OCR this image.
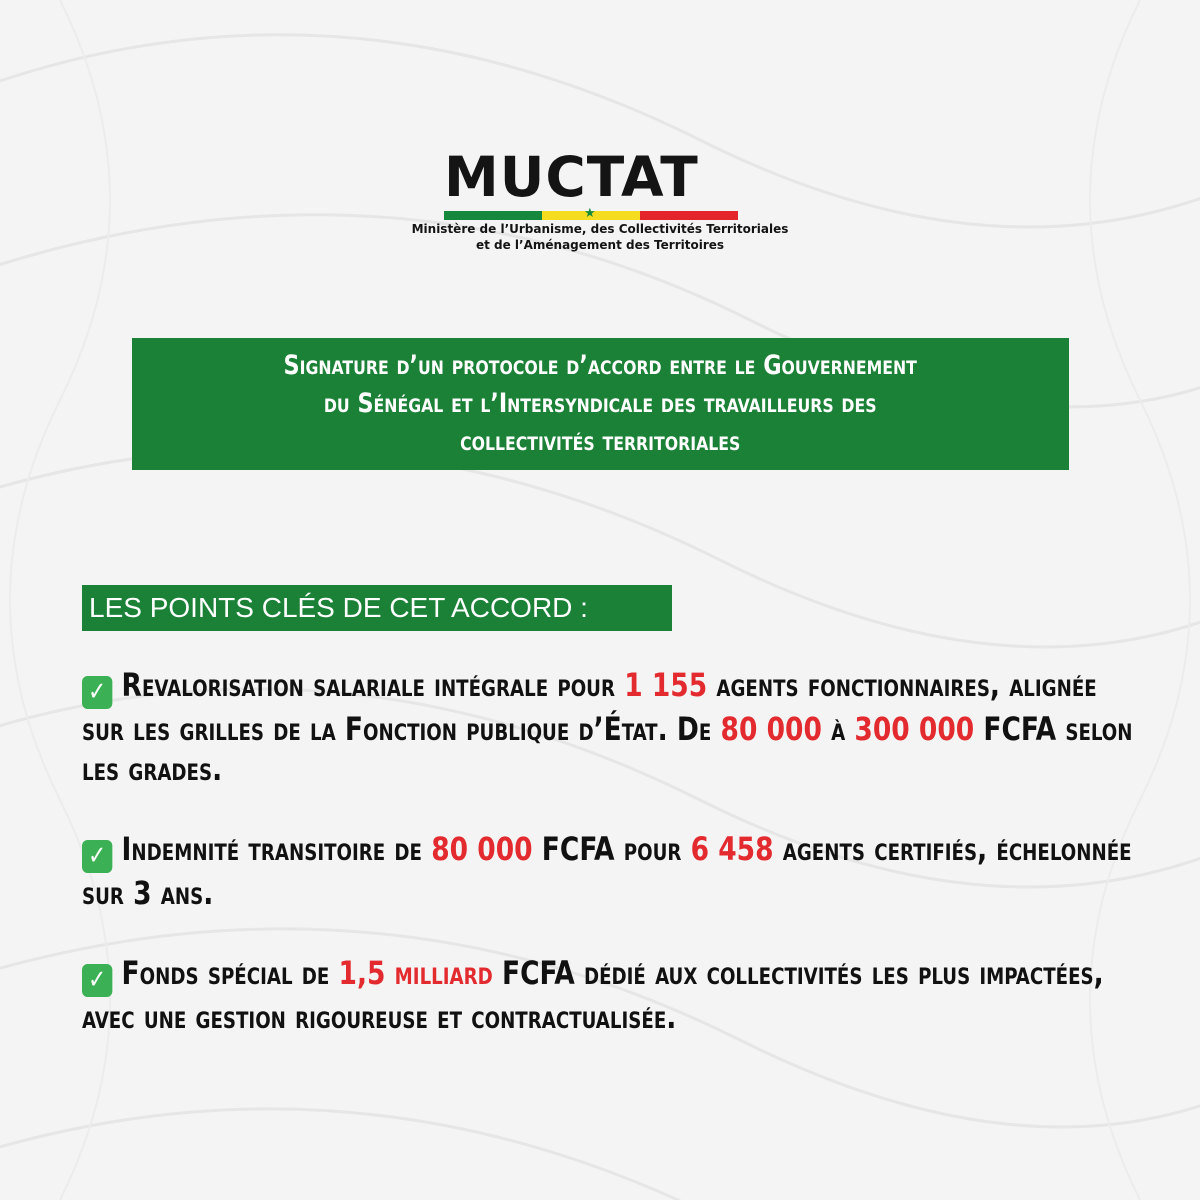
MUCTAT
★
Ministère de l’Urbanisme, des Collectivités Territoriales
et de l’Aménagement des Territoires
Signature d’un protocole d’accord entre le Gouvernement
du Sénégal et l’Intersyndicale des travailleurs des
collectivités territoriales
LES POINTS CLÉS DE CET ACCORD :
✓ Revalorisation salariale intégrale pour 1 155 agents fonctionnaires, alignée sur les grilles de la Fonction publique d’État. De 80 000 à 300 000 FCFA selon les grades.
✓ Indemnité transitoire de 80 000 FCFA pour 6 458 agents certifiés, échelonnée sur 3 ans.
✓ Fonds spécial de 1,5 milliard FCFA dédié aux collectivités les plus impactées, avec une gestion rigoureuse et contractualisée.
